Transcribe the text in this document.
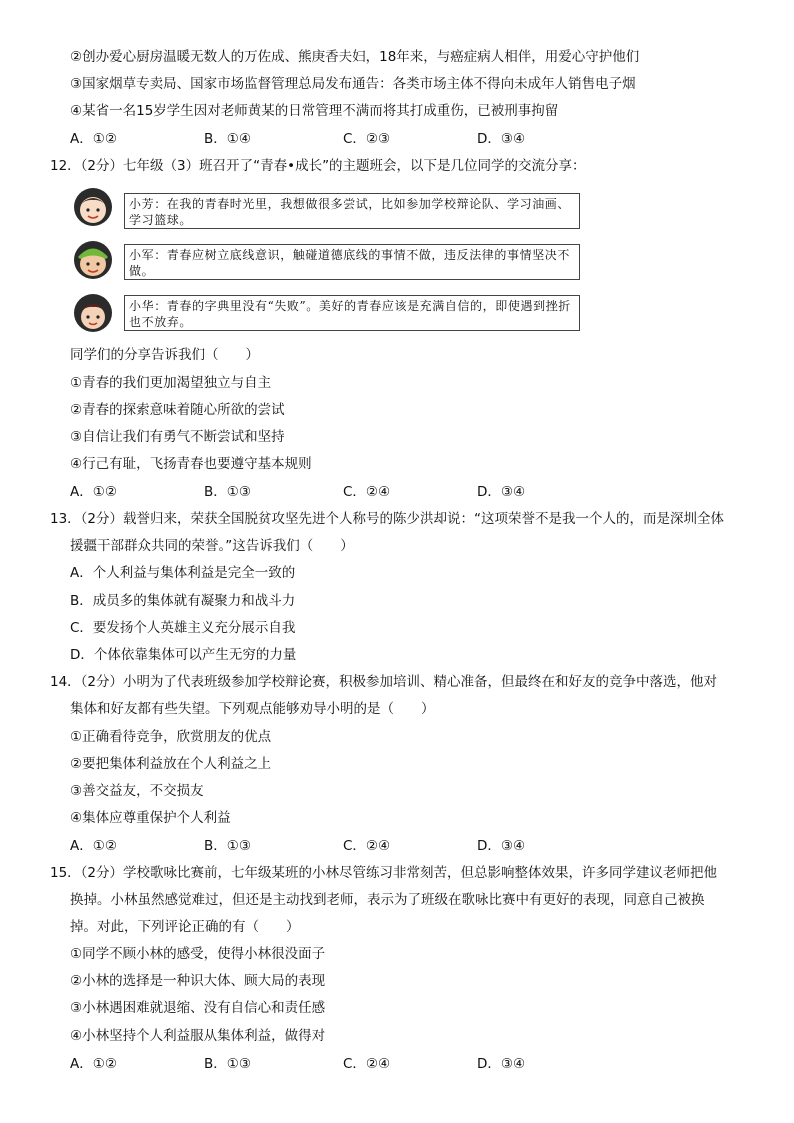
②创办爱心厨房温暖无数人的万佐成、熊庚香夫妇，18年来，与癌症病人相伴，用爱心守护他们
③国家烟草专卖局、国家市场监督管理总局发布通告：各类市场主体不得向未成年人销售电子烟
④某省一名15岁学生因对老师黄某的日常管理不满而将其打成重伤，已被刑事拘留
A．①②	B．①④	C．②③	D．③④
12．（2分）七年级（3）班召开了“青春•成长”的主题班会，以下是几位同学的交流分享：
小芳：在我的青春时光里，我想做很多尝试，比如参加学校辩论队、学习油画、学习篮球。
小军：青春应树立底线意识，触碰道德底线的事情不做，违反法律的事情坚决不做。
小华：青春的字典里没有“失败”。美好的青春应该是充满自信的，即使遇到挫折也不放弃。
同学们的分享告诉我们（　　）
①青春的我们更加渴望独立与自主
②青春的探索意味着随心所欲的尝试
③自信让我们有勇气不断尝试和坚持
④行己有耻，飞扬青春也要遵守基本规则
A．①②	B．①③	C．②④	D．③④
13．（2分）载誉归来，荣获全国脱贫攻坚先进个人称号的陈少洪却说：“这项荣誉不是我一个人的，而是深圳全体
援疆干部群众共同的荣誉。”这告诉我们（　　）
A．个人利益与集体利益是完全一致的
B．成员多的集体就有凝聚力和战斗力
C．要发扬个人英雄主义充分展示自我
D．个体依靠集体可以产生无穷的力量
14．（2分）小明为了代表班级参加学校辩论赛，积极参加培训、精心准备，但最终在和好友的竞争中落选，他对
集体和好友都有些失望。下列观点能够劝导小明的是（　　）
①正确看待竞争，欣赏朋友的优点
②要把集体利益放在个人利益之上
③善交益友，不交损友
④集体应尊重保护个人利益
A．①②	B．①③	C．②④	D．③④
15．（2分）学校歌咏比赛前，七年级某班的小林尽管练习非常刻苦，但总影响整体效果，许多同学建议老师把他
换掉。小林虽然感觉难过，但还是主动找到老师，表示为了班级在歌咏比赛中有更好的表现，同意自己被换
掉。对此，下列评论正确的有（　　）
①同学不顾小林的感受，使得小林很没面子
②小林的选择是一种识大体、顾大局的表现
③小林遇困难就退缩、没有自信心和责任感
④小林坚持个人利益服从集体利益，做得对
A．①②	B．①③	C．②④	D．③④
